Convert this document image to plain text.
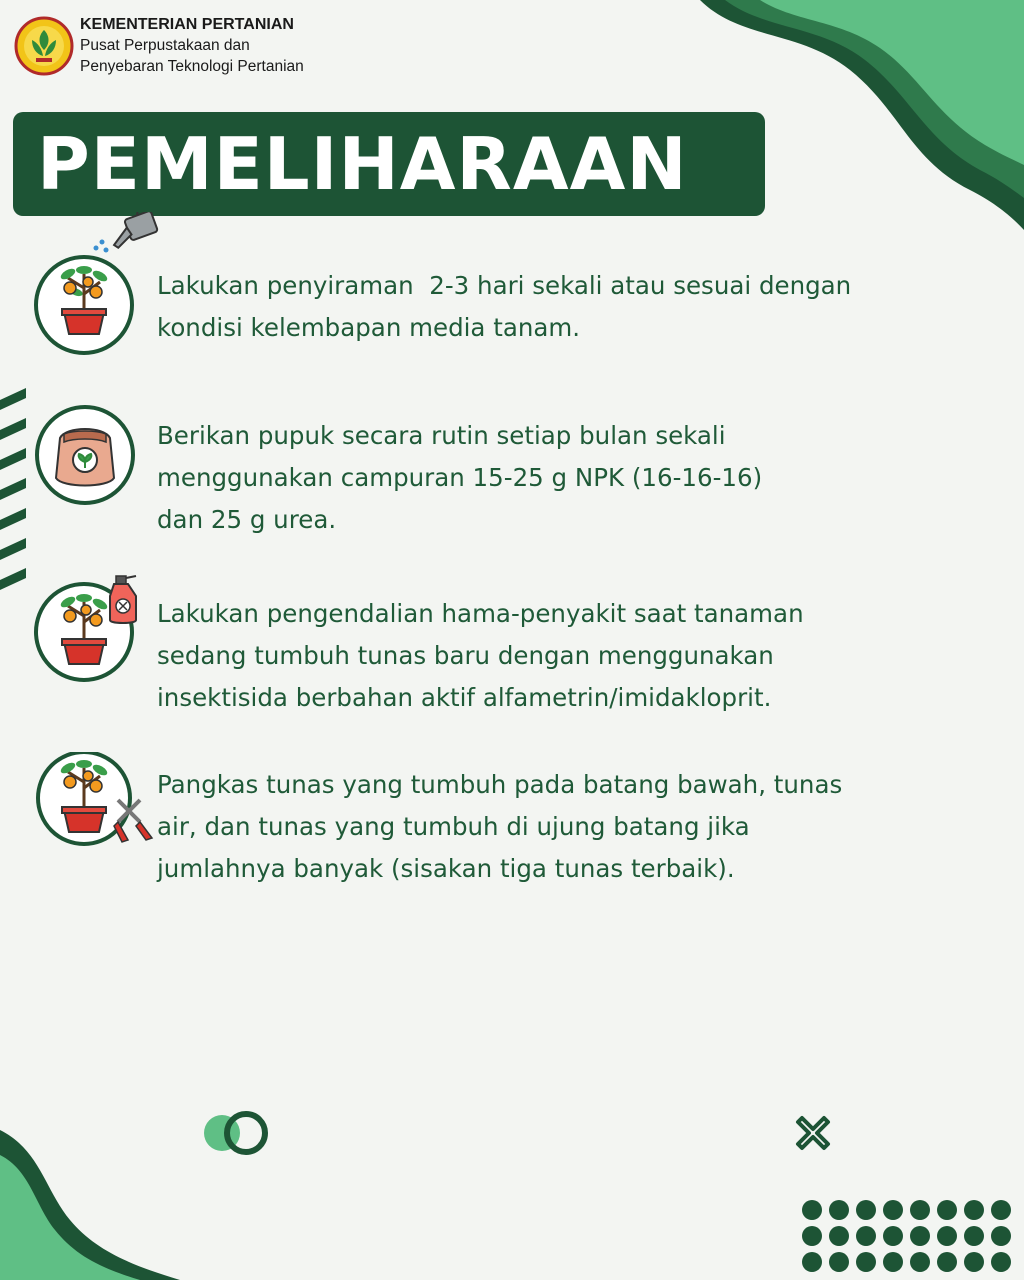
KEMENTERIAN PERTANIAN
Pusat Perpustakaan dan
Penyebaran Teknologi Pertanian
PEMELIHARAAN

Lakukan penyiraman  2-3 hari sekali atau sesuai dengan
kondisi kelembapan media tanam.

Berikan pupuk secara rutin setiap bulan sekali
menggunakan campuran 15-25 g NPK (16-16-16)
dan 25 g urea.

Lakukan pengendalian hama-penyakit saat tanaman
sedang tumbuh tunas baru dengan menggunakan
insektisida berbahan aktif alfametrin/imidakloprit.

Pangkas tunas yang tumbuh pada batang bawah, tunas
air, dan tunas yang tumbuh di ujung batang jika
jumlahnya banyak (sisakan tiga tunas terbaik).
